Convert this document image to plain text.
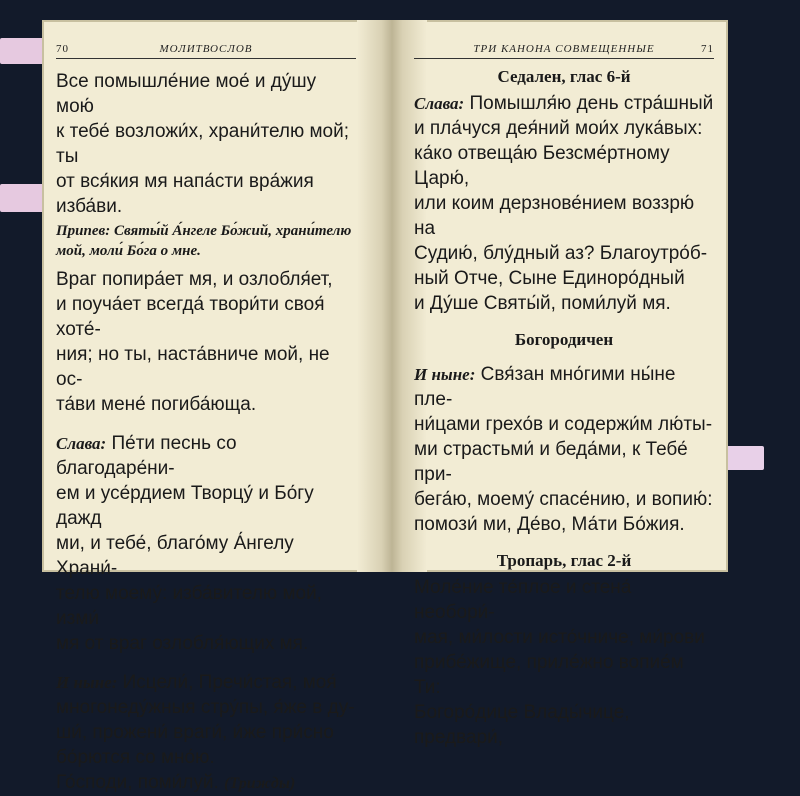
70	МОЛИТВОСЛОВ
Все помышле́ние мое́ и ду́шу мою́
к тебе́ возложи́х, храни́телю мой; ты
от вся́кия мя напа́сти вра́жия изба́ви.
Припев: Святы́й А́нгеле Бо́жий, храни́телю
мой, моли́ Бо́га о мне.
Враг попира́ет мя, и озлобля́ет,
и поуча́ет всегда́ твори́ти своя́ хоте́-
ния; но ты, наста́вниче мой, не ос-
та́ви мене́ погиба́юща.
Слава: Пе́ти песнь со благодаре́ни-
ем и усе́рдием Творцу́ и Бо́гу дажд
ми, и тебе́, благо́му А́нгелу Храни́-
телю моему́: изба́вителю мой, изми́
мя от враг озлобля́ющих мя.
И ныне: Исцели́, Пречи́стая, моя́
многонеду́жныя стру́пы, я́же в ду-
ши́, прожени́ враги́, и́же при́сно
бо́рются со мно́ю.
Го́споди, поми́луй. (Трижды)
ТРИ КАНОНА СОВМЕЩЕННЫЕ	71
Седален, глас 6-й
Слава: Помышля́ю день стра́шный
и пла́чуся дея́ний мои́х лука́вых:
ка́ко отвеща́ю Безсме́ртному Царю́,
или коим дерзнове́нием воззрю́ на
Судию́, блу́дный аз? Благоутро́б-
ный Отче, Сыне Единоро́дный
и Ду́ше Святы́й, поми́луй мя.
Богородичен
И ныне: Свя́зан мно́гими ны́не пле-
ни́цами грехо́в и содержи́м лю́ты-
ми страстьми́ и беда́ми, к Тебе́ при-
бега́ю, моему́ спасе́нию, и вопию́:
помози́ ми, Де́во, Ма́ти Бо́жия.
Тропарь, глас 2-й
Моле́ние те́плое и стена́ необори́-
мая, ми́лости исто́чниче, ми́рови
прибе́жище, приле́жно вопие́м Ти:
Богоро́дице Влады́чице, предвари́,
